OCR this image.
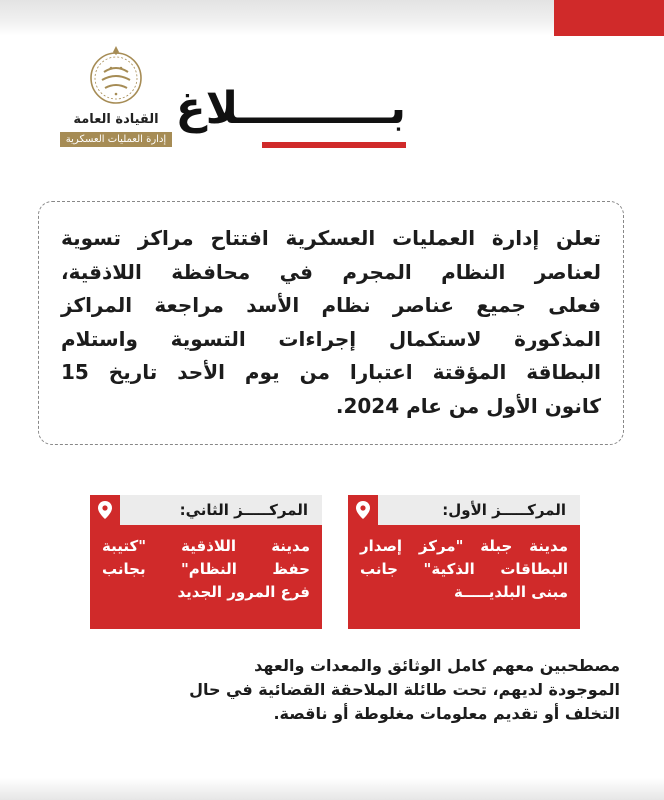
القيادة العامة
إدارة العمليات العسكرية
بــــــــــلاغ
تعلن إدارة العمليات العسكرية افتتاح مراكز تسوية
لعناصر النظام المجرم في محافظة اللاذقية،
فعلى جميع عناصر نظام الأسد مراجعة المراكز
المذكورة لاستكمال إجراءات التسوية واستلام
البطاقة المؤقتة اعتبارا من يوم الأحد تاريخ 15
كانون الأول من عام 2024.
المركـــــز الأول:
مدينة جبلة "مركز إصدار
البطاقات الذكية" جانب
مبنى البلديـــــة
المركـــــز الثاني:
مدينة اللاذقية "كتيبة
حفظ النظام" بجانب
فرع المرور الجديد
مصطحبين معهم كامل الوثائق والمعدات والعهد
الموجودة لديهم، تحت طائلة الملاحقة القضائية في حال
التخلف أو تقديم معلومات مغلوطة أو ناقصة.
